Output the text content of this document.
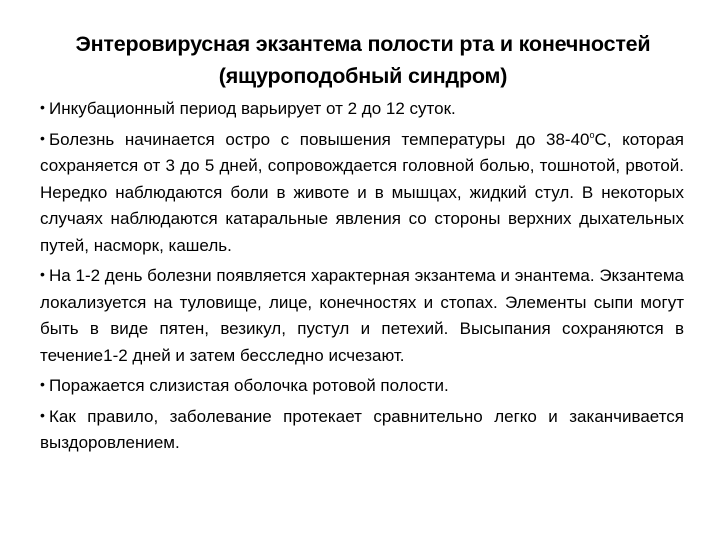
Энтеровирусная экзантема полости рта и конечностей
(ящуроподобный синдром)

• Инкубационный период варьирует от 2 до 12 суток.

• Болезнь начинается остро с повышения температуры до $38-40^оС$, которая сохраняется от 3 до 5 дней, сопровождается головной болью, тошнотой, рвотой. Нередко наблюдаются боли в животе и в мышцах, жидкий стул. В некоторых случаях наблюдаются катаральные явления со стороны верхних дыхательных путей, насморк, кашель.

• На 1-2 день болезни появляется характерная экзантема и энантема. Экзантема локализуется на туловище, лице, конечностях и стопах. Элементы сыпи могут быть в виде пятен, везикул, пустул и петехий. Высыпания сохраняются в течение1-2 дней и затем бесследно исчезают.

• Поражается слизистая оболочка ротовой полости.

• Как правило, заболевание протекает сравнительно легко и заканчивается выздоровлением.
